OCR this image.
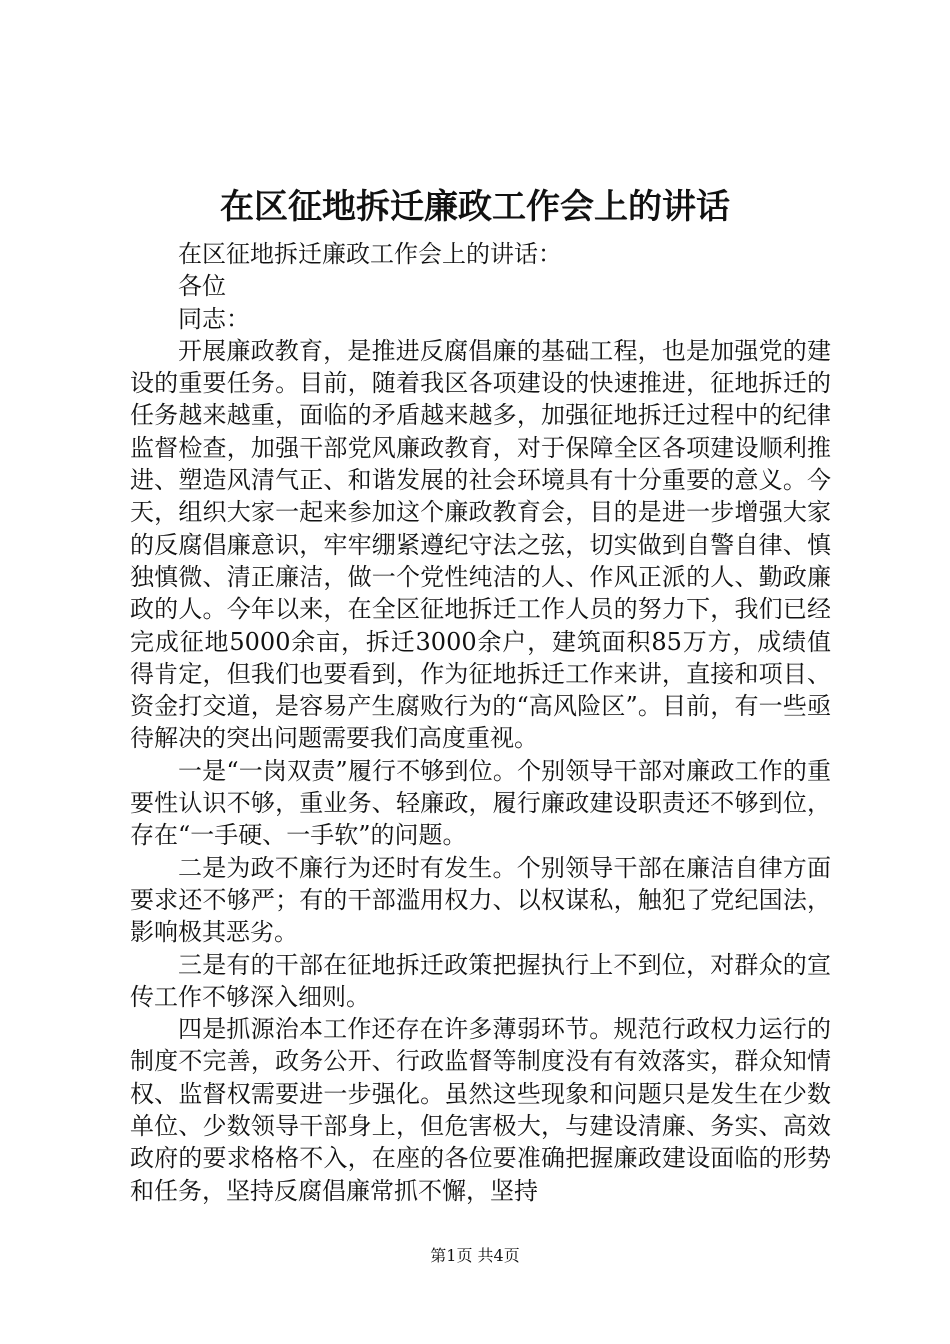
在区征地拆迁廉政工作会上的讲话

在区征地拆迁廉政工作会上的讲话：

各位

同志：

开展廉政教育，是推进反腐倡廉的基础工程，也是加强党的建设的重要任务。目前，随着我区各项建设的快速推进，征地拆迁的任务越来越重，面临的矛盾越来越多，加强征地拆迁过程中的纪律监督检查，加强干部党风廉政教育，对于保障全区各项建设顺利推进、塑造风清气正、和谐发展的社会环境具有十分重要的意义。今天，组织大家一起来参加这个廉政教育会，目的是进一步增强大家的反腐倡廉意识，牢牢绷紧遵纪守法之弦，切实做到自警自律、慎独慎微、清正廉洁，做一个党性纯洁的人、作风正派的人、勤政廉政的人。今年以来，在全区征地拆迁工作人员的努力下，我们已经完成征地5000余亩，拆迁3000余户，建筑面积85万方，成绩值得肯定，但我们也要看到，作为征地拆迁工作来讲，直接和项目、资金打交道，是容易产生腐败行为的“高风险区”。目前，有一些亟待解决的突出问题需要我们高度重视。

一是“一岗双责”履行不够到位。个别领导干部对廉政工作的重要性认识不够，重业务、轻廉政，履行廉政建设职责还不够到位，存在“一手硬、一手软”的问题。

二是为政不廉行为还时有发生。个别领导干部在廉洁自律方面要求还不够严；有的干部滥用权力、以权谋私，触犯了党纪国法，影响极其恶劣。

三是有的干部在征地拆迁政策把握执行上不到位，对群众的宣传工作不够深入细则。

四是抓源治本工作还存在许多薄弱环节。规范行政权力运行的制度不完善，政务公开、行政监督等制度没有有效落实，群众知情权、监督权需要进一步强化。虽然这些现象和问题只是发生在少数单位、少数领导干部身上，但危害极大，与建设清廉、务实、高效政府的要求格格不入，在座的各位要准确把握廉政建设面临的形势和任务，坚持反腐倡廉常抓不懈，坚持

第1页 共4页
